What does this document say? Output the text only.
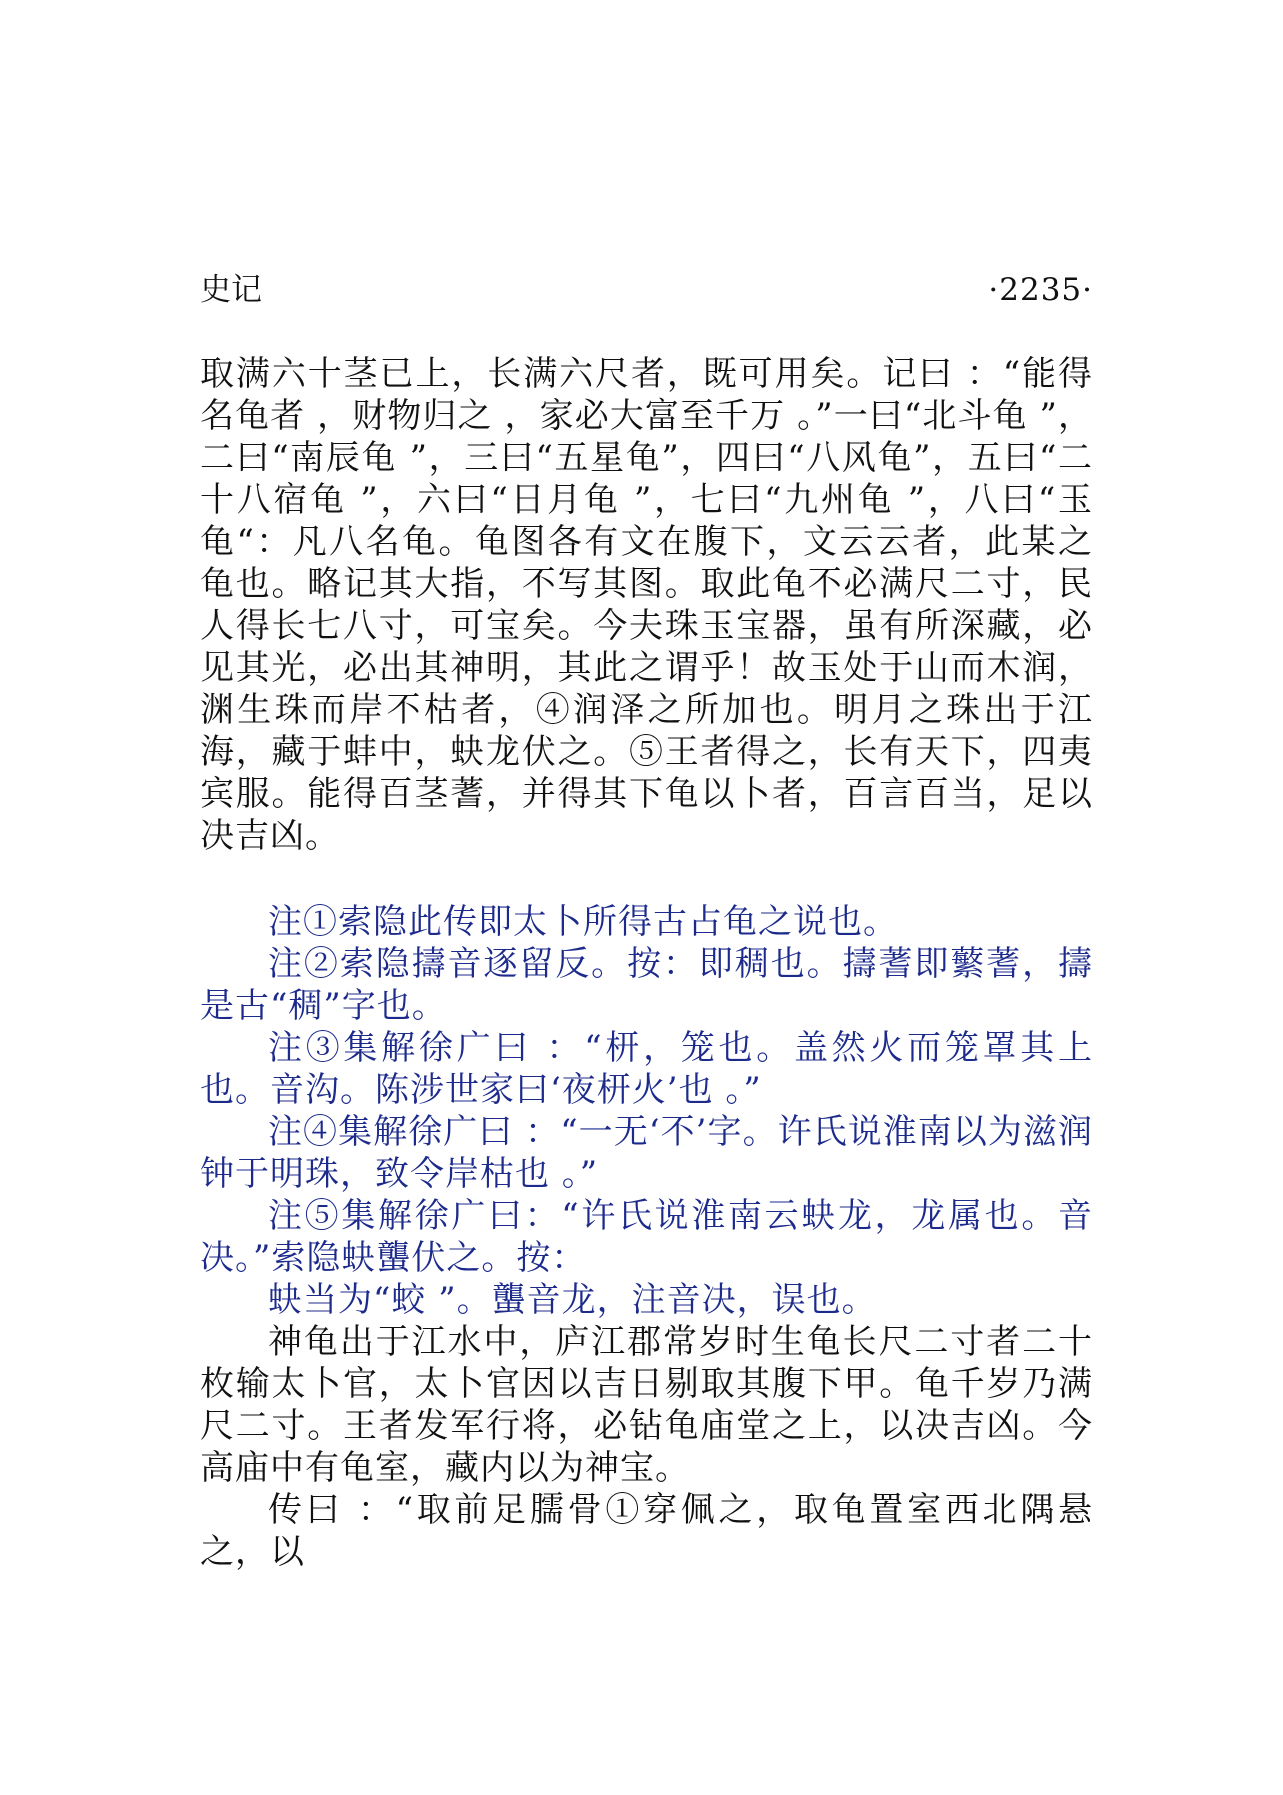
史记	·2235·

取满六十茎已上，长满六尺者，既可用矣。记曰 ：“能得名龟者 ，财物归之 ，家必大富至千万 。”一曰“北斗龟 ”，二曰“南辰龟 ”，三曰“五星龟”，四曰“八风龟”，五曰“二十八宿龟 ”，六曰“日月龟 ”，七曰“九州龟 ”，八曰“玉龟“：凡八名龟。龟图各有文在腹下，文云云者，此某之龟也。略记其大指，不写其图。取此龟不必满尺二寸，民人得长七八寸，可宝矣。今夫珠玉宝器，虽有所深藏，必见其光，必出其神明，其此之谓乎！故玉处于山而木润，渊生珠而岸不枯者，④润泽之所加也。明月之珠出于江海，藏于蚌中，蚗龙伏之。⑤王者得之，长有天下，四夷宾服。能得百茎蓍，并得其下龟以卜者，百言百当，足以决吉凶。

注①索隐此传即太卜所得古占龟之说也。

注②索隐擣音逐留反。按：即稠也。擣蓍即蘩蓍，擣是古“稠”字也。

注③集解徐广曰 ：“枅，笼也。盖然火而笼罩其上也。音沟。陈涉世家曰‘夜枅火’也 。”

注④集解徐广曰 ：“一无‘不’字。许氏说淮南以为滋润钟于明珠，致令岸枯也 。”

注⑤集解徐广曰：“许氏说淮南云蚗龙，龙属也。音决。”索隐蚗蠪伏之。按：

蚗当为“蛟 ”。蠪音龙，注音决，误也。

神龟出于江水中，庐江郡常岁时生龟长尺二寸者二十枚输太卜官，太卜官因以吉日剔取其腹下甲。龟千岁乃满尺二寸。王者发军行将，必钻龟庙堂之上，以决吉凶。今高庙中有龟室，藏内以为神宝。

传曰 ：“取前足臑骨①穿佩之，取龟置室西北隅悬之，以
